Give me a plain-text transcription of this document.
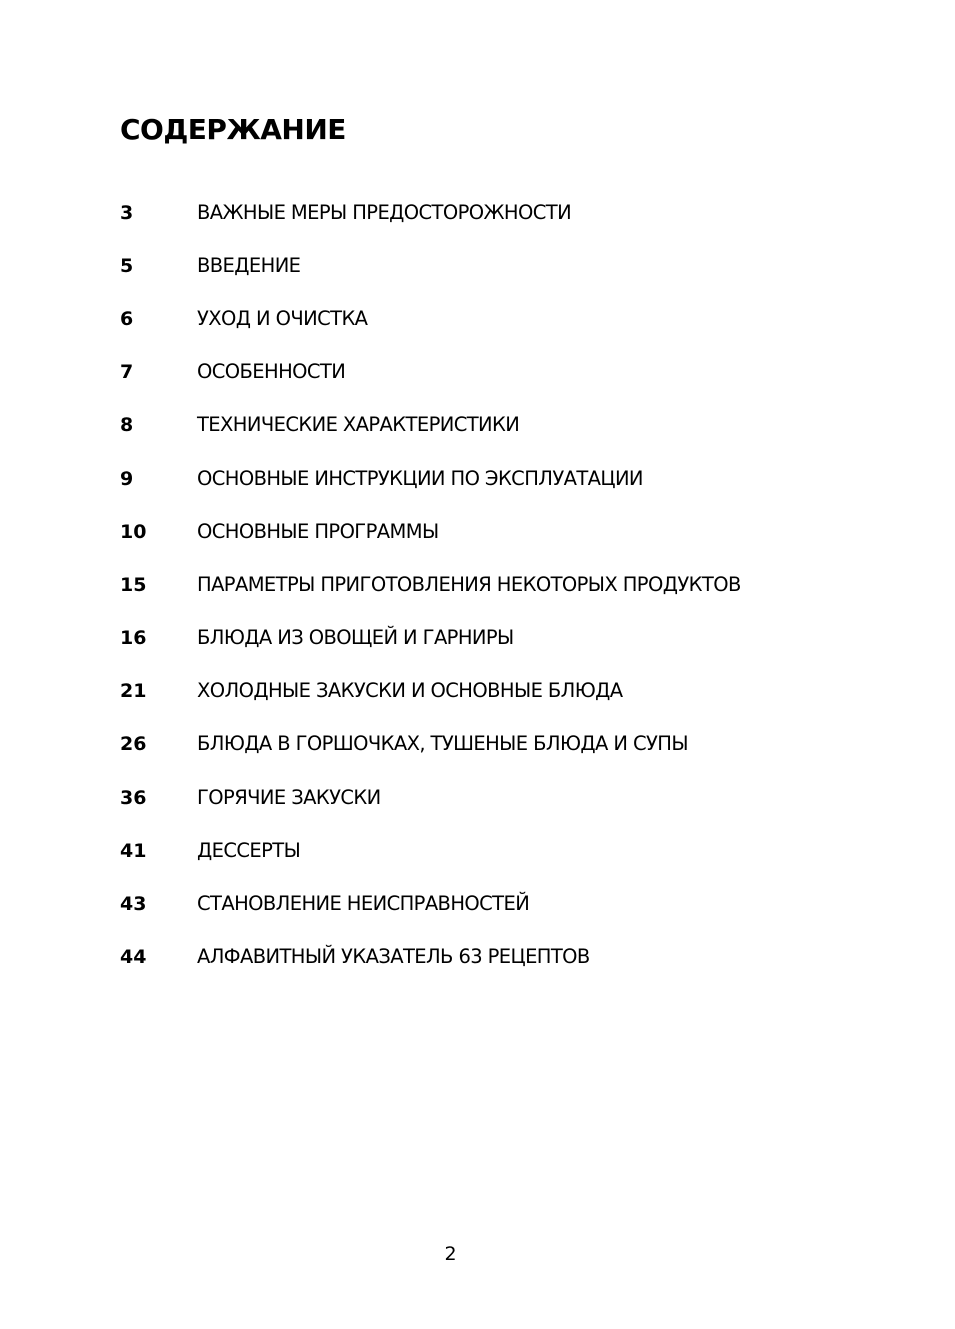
СОДЕРЖАНИЕ
3	ВАЖНЫЕ МЕРЫ ПРЕДОСТОРОЖНОСТИ
5	ВВЕДЕНИЕ
6	УХОД И ОЧИСТКА
7	ОСОБЕННОСТИ
8	ТЕХНИЧЕСКИЕ ХАРАКТЕРИСТИКИ
9	ОСНОВНЫЕ ИНСТРУКЦИИ ПО ЭКСПЛУАТАЦИИ
10	ОСНОВНЫЕ ПРОГРАММЫ
15	ПАРАМЕТРЫ ПРИГОТОВЛЕНИЯ НЕКОТОРЫХ ПРОДУКТОВ
16	БЛЮДА ИЗ ОВОЩЕЙ И ГАРНИРЫ
21	ХОЛОДНЫЕ ЗАКУСКИ И ОСНОВНЫЕ БЛЮДА
26	БЛЮДА В ГОРШОЧКАХ, ТУШЕНЫЕ БЛЮДА И СУПЫ
36	ГОРЯЧИЕ ЗАКУСКИ
41	ДЕССЕРТЫ
43	СТАНОВЛЕНИЕ НЕИСПРАВНОСТЕЙ
44	АЛФАВИТНЫЙ УКАЗАТЕЛЬ 63 РЕЦЕПТОВ
2
